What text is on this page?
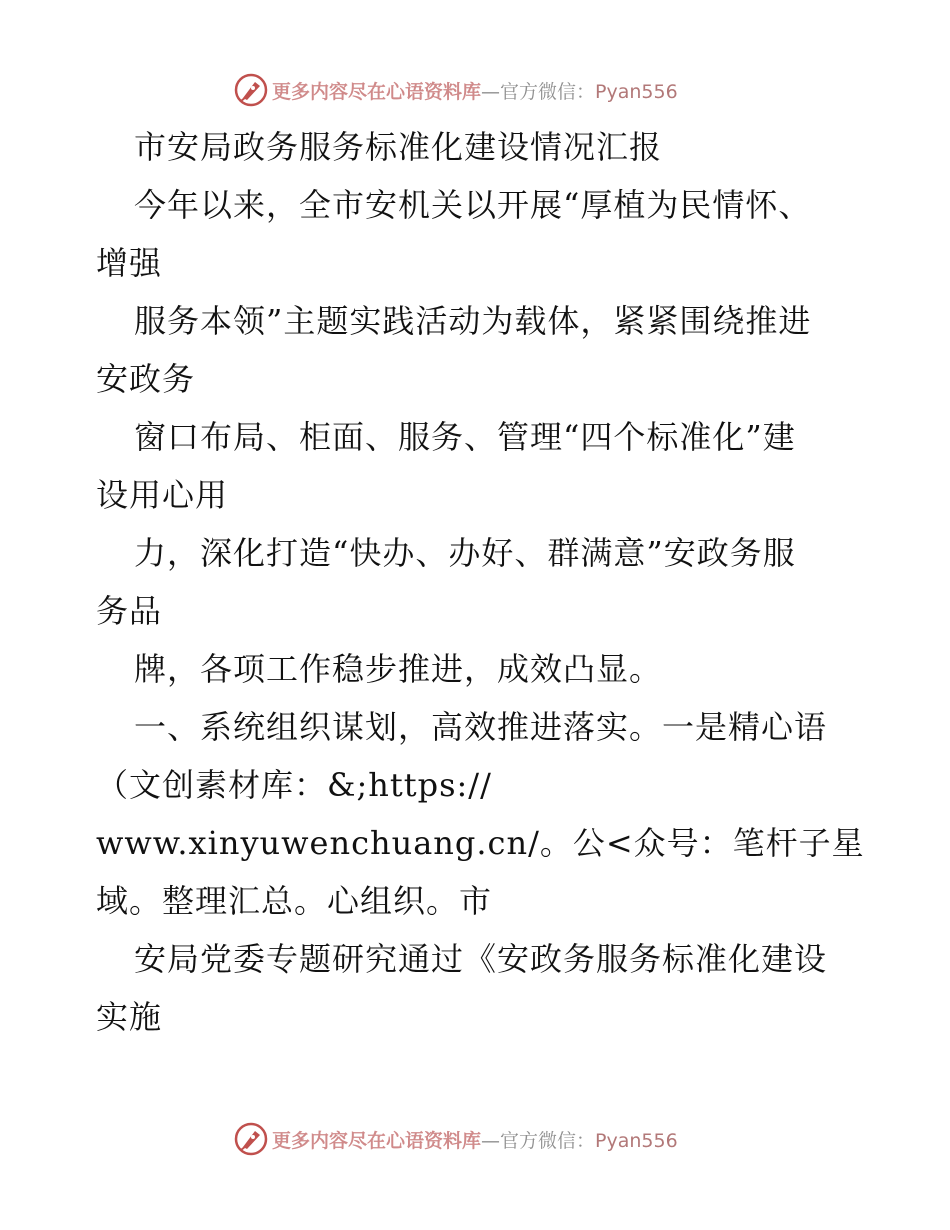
更多内容尽在心语资料库—官方微信：Pyan556
市安局政务服务标准化建设情况汇报
今年以来，全市安机关以开展“厚植为民情怀、
增强
服务本领”主题实践活动为载体，紧紧围绕推进
安政务
窗口布局、柜面、服务、管理“四个标准化”建
设用心用
力，深化打造“快办、办好、群满意”安政务服
务品
牌，各项工作稳步推进，成效凸显。
一、系统组织谋划，高效推进落实。一是精心语
（文创素材库：&;https://
www.xinyuwenchuang.cn/。公<众号：笔杆子星
域。整理汇总。心组织。市
安局党委专题研究通过《安政务服务标准化建设
实施
更多内容尽在心语资料库—官方微信：Pyan556
